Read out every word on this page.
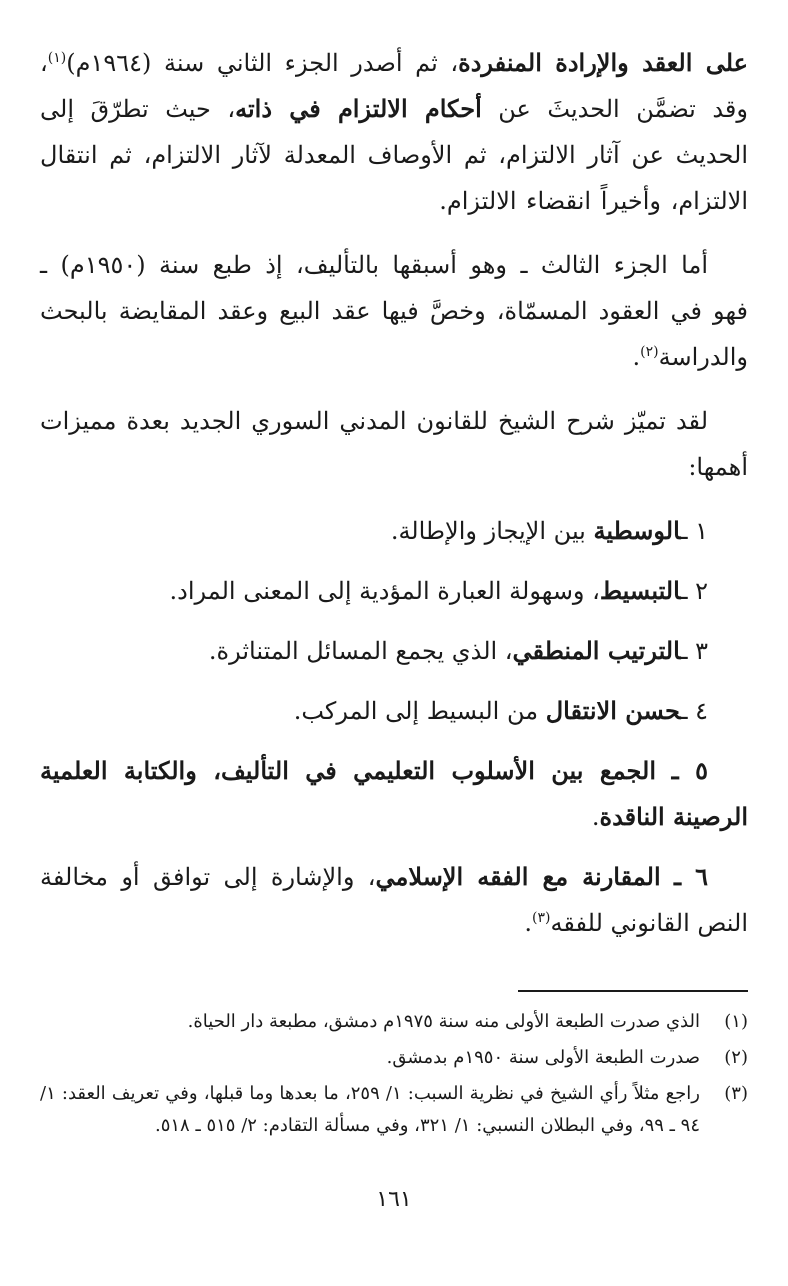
على العقد والإرادة المنفردة، ثم أصدر الجزء الثاني سنة (١٩٦٤م)$^{(١)}$، وقد تضمَّن الحديثَ عن أحكام الالتزام في ذاته، حيث تطرّقَ إلى الحديث عن آثار الالتزام، ثم الأوصاف المعدلة لآثار الالتزام، ثم انتقال الالتزام، وأخيراً انقضاء الالتزام.

أما الجزء الثالث ـ وهو أسبقها بالتأليف، إذ طبع سنة (١٩٥٠م) ـ فهو في العقود المسمّاة، وخصَّ فيها عقد البيع وعقد المقايضة بالبحث والدراسة$^{(٢)}$.

لقد تميّز شرح الشيخ للقانون المدني السوري الجديد بعدة مميزات أهمها:

١ ـالوسطية بين الإيجاز والإطالة.
٢ ـالتبسيط، وسهولة العبارة المؤدية إلى المعنى المراد.
٣ ـالترتيب المنطقي، الذي يجمع المسائل المتناثرة.
٤ ـحسن الانتقال من البسيط إلى المركب.
٥ ـ الجمع بين الأسلوب التعليمي في التأليف، والكتابة العلمية الرصينة الناقدة.
٦ ـ المقارنة مع الفقه الإسلامي، والإشارة إلى توافق أو مخالفة النص القانوني للفقه$^{(٣)}$.
(١)
الذي صدرت الطبعة الأولى منه سنة ١٩٧٥م دمشق، مطبعة دار الحياة.
(٢)
صدرت الطبعة الأولى سنة ١٩٥٠م بدمشق.
(٣)
راجع مثلاً رأي الشيخ في نظرية السبب: ١/ ٢٥٩، ما بعدها وما قبلها، وفي تعريف العقد: ١/ ٩٤ ـ ٩٩، وفي البطلان النسبي: ١/ ٣٢١، وفي مسألة التقادم: ٢/ ٥١٥ ـ ٥١٨.
١٦١
